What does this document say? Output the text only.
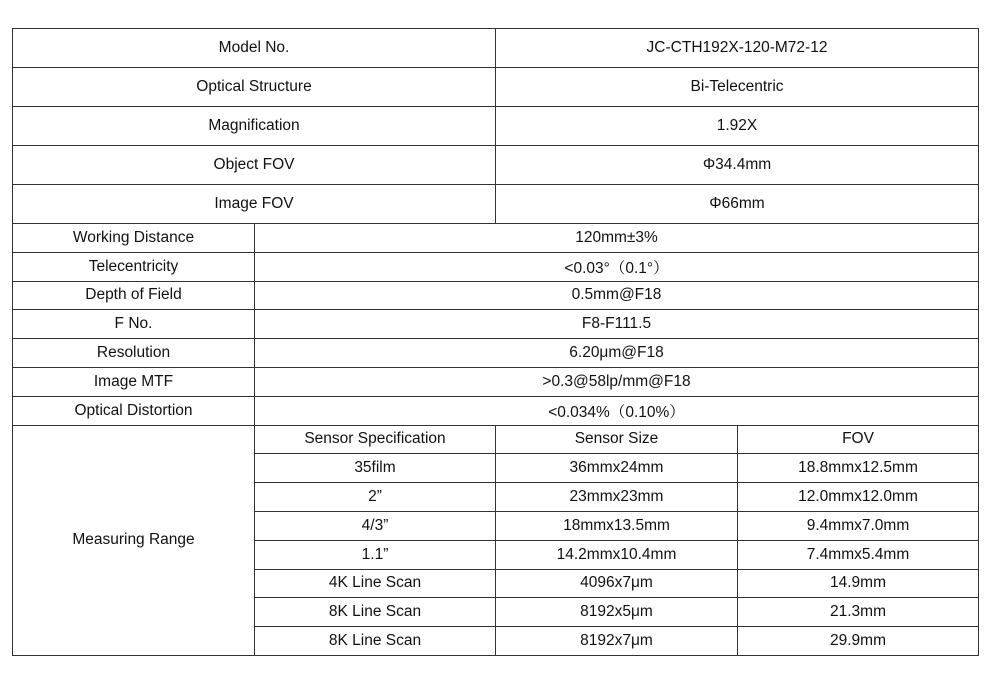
Model No.		JC-CTH192X-120-M72-12	
Optical Structure		Bi-Telecentric	
Magnification		1.92X	
Object FOV		Φ34.4mm	
Image FOV		Φ66mm	
Working Distance	120mm±3%		
Telecentricity	<0.03°（0.1°）		
Depth of Field	0.5mm@F18		
F No.	F8-F111.5		
Resolution	6.20μm@F18		
Image MTF	>0.3@58lp/mm@F18		
Optical Distortion	<0.034%（0.10%）		
Measuring Range	Sensor Specification	Sensor Size	FOV
	35film	36mmx24mm	18.8mmx12.5mm
	2”	23mmx23mm	12.0mmx12.0mm
	4/3”	18mmx13.5mm	9.4mmx7.0mm
	1.1”	14.2mmx10.4mm	7.4mmx5.4mm
	4K Line Scan	4096x7μm	14.9mm
	8K Line Scan	8192x5μm	21.3mm
	8K Line Scan	8192x7μm	29.9mm
